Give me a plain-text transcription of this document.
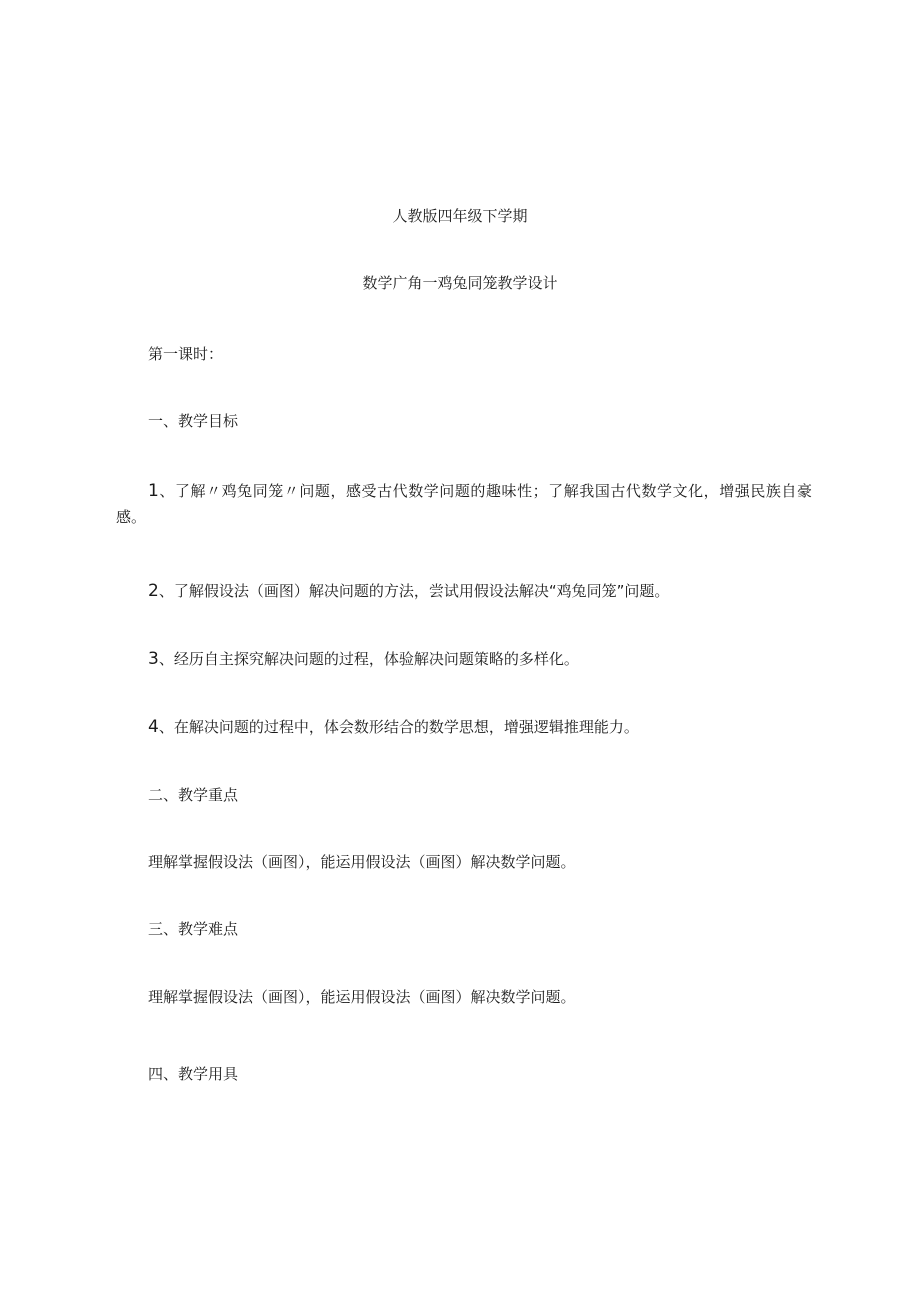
人教版四年级下学期
数学广角一鸡兔同笼教学设计
第一课时：
一、教学目标
1、了解〃鸡兔同笼〃问题，感受古代数学问题的趣味性；了解我国古代数学文化，增强民族自豪感。
2、了解假设法（画图）解决问题的方法，尝试用假设法解决“鸡兔同笼”问题。
3、经历自主探究解决问题的过程，体验解决问题策略的多样化。
4、在解决问题的过程中，体会数形结合的数学思想，增强逻辑推理能力。
二、教学重点
理解掌握假设法（画图），能运用假设法（画图）解决数学问题。
三、教学难点
理解掌握假设法（画图），能运用假设法（画图）解决数学问题。
四、教学用具
